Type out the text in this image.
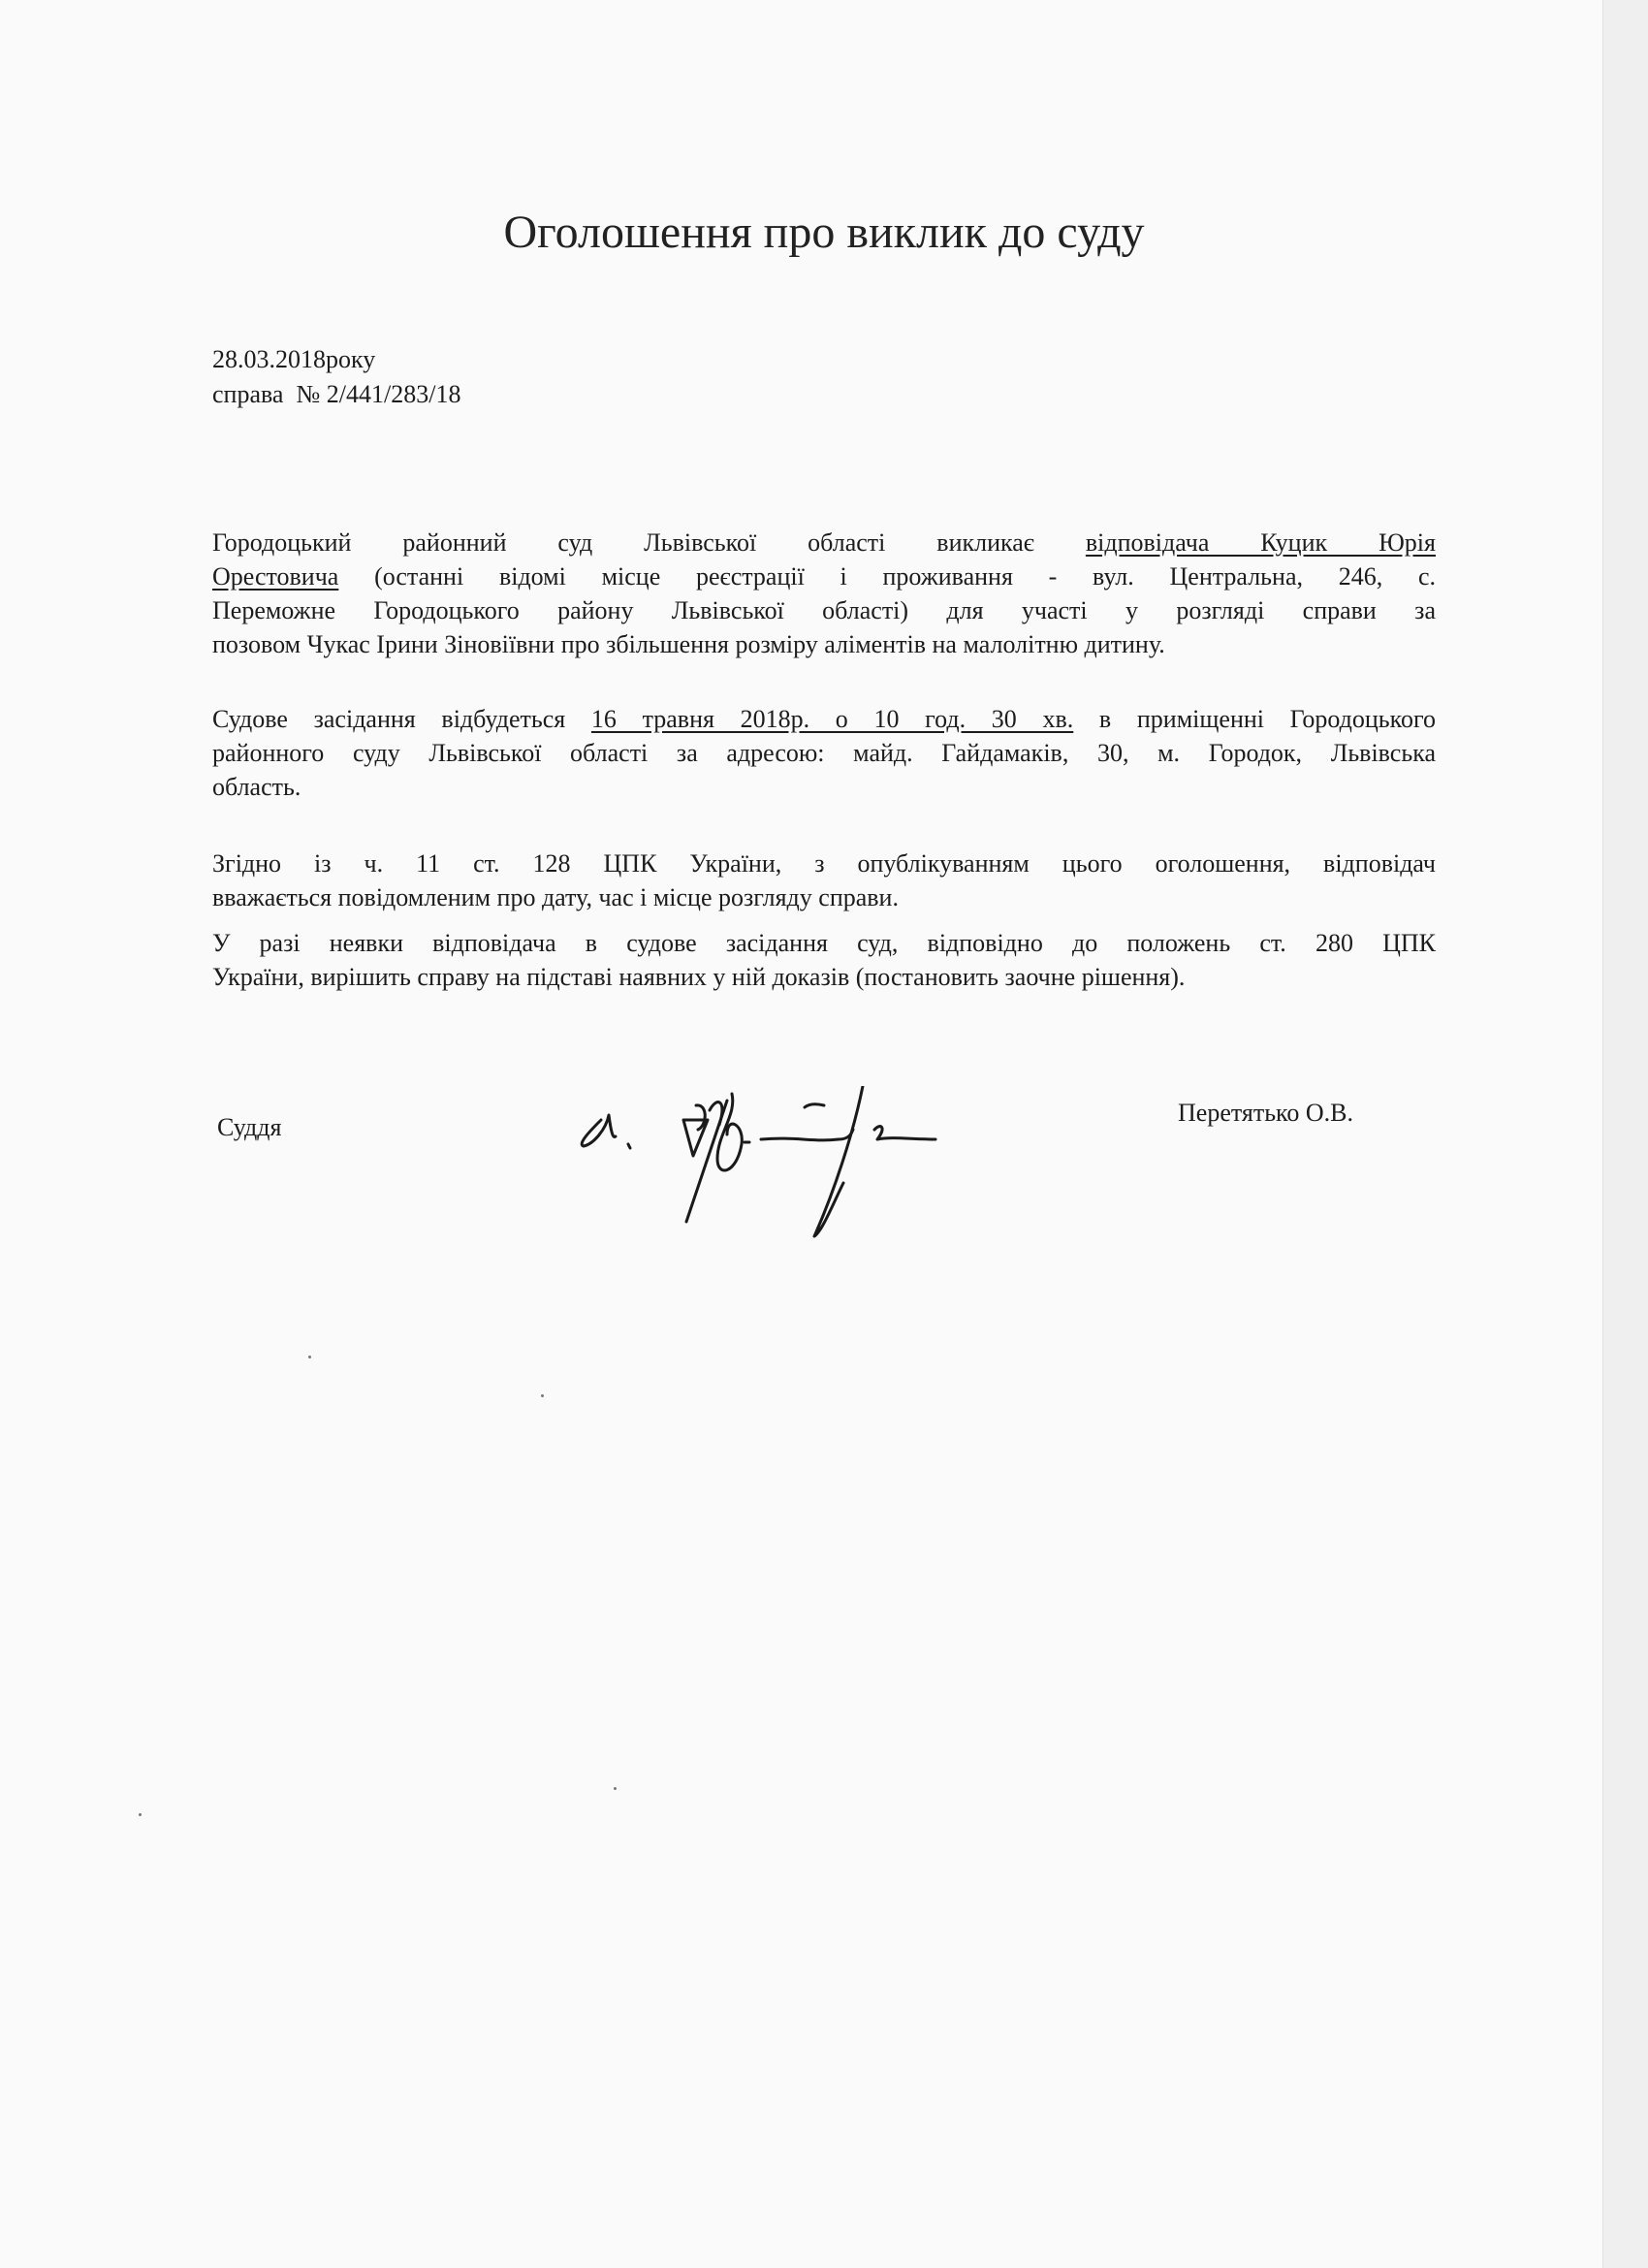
Оголошення про виклик до суду
28.03.2018року
справа  № 2/441/283/18
Городоцький районний суд Львівської області викликає відповідача Куцик Юрія
Орестовича (останні відомі місце реєстрації і проживання - вул. Центральна, 246, с.
Переможне Городоцького району Львівської області) для участі у розгляді справи за
позовом Чукас Ірини Зіновіївни про збільшення розміру аліментів на малолітню дитину.
Судове засідання відбудеться 16 травня 2018р. о 10 год. 30 хв. в приміщенні Городоцького
районного суду Львівської області за адресою: майд. Гайдамаків, 30, м. Городок, Львівська
область.
Згідно із ч. 11 ст. 128 ЦПК України, з опублікуванням цього оголошення, відповідач
вважається повідомленим про дату, час і місце розгляду справи.
У разі неявки відповідача в судове засідання суд, відповідно до положень ст. 280 ЦПК
України, вирішить справу на підставі наявних у ній доказів (постановить заочне рішення).
Суддя
Перетятько О.В.
